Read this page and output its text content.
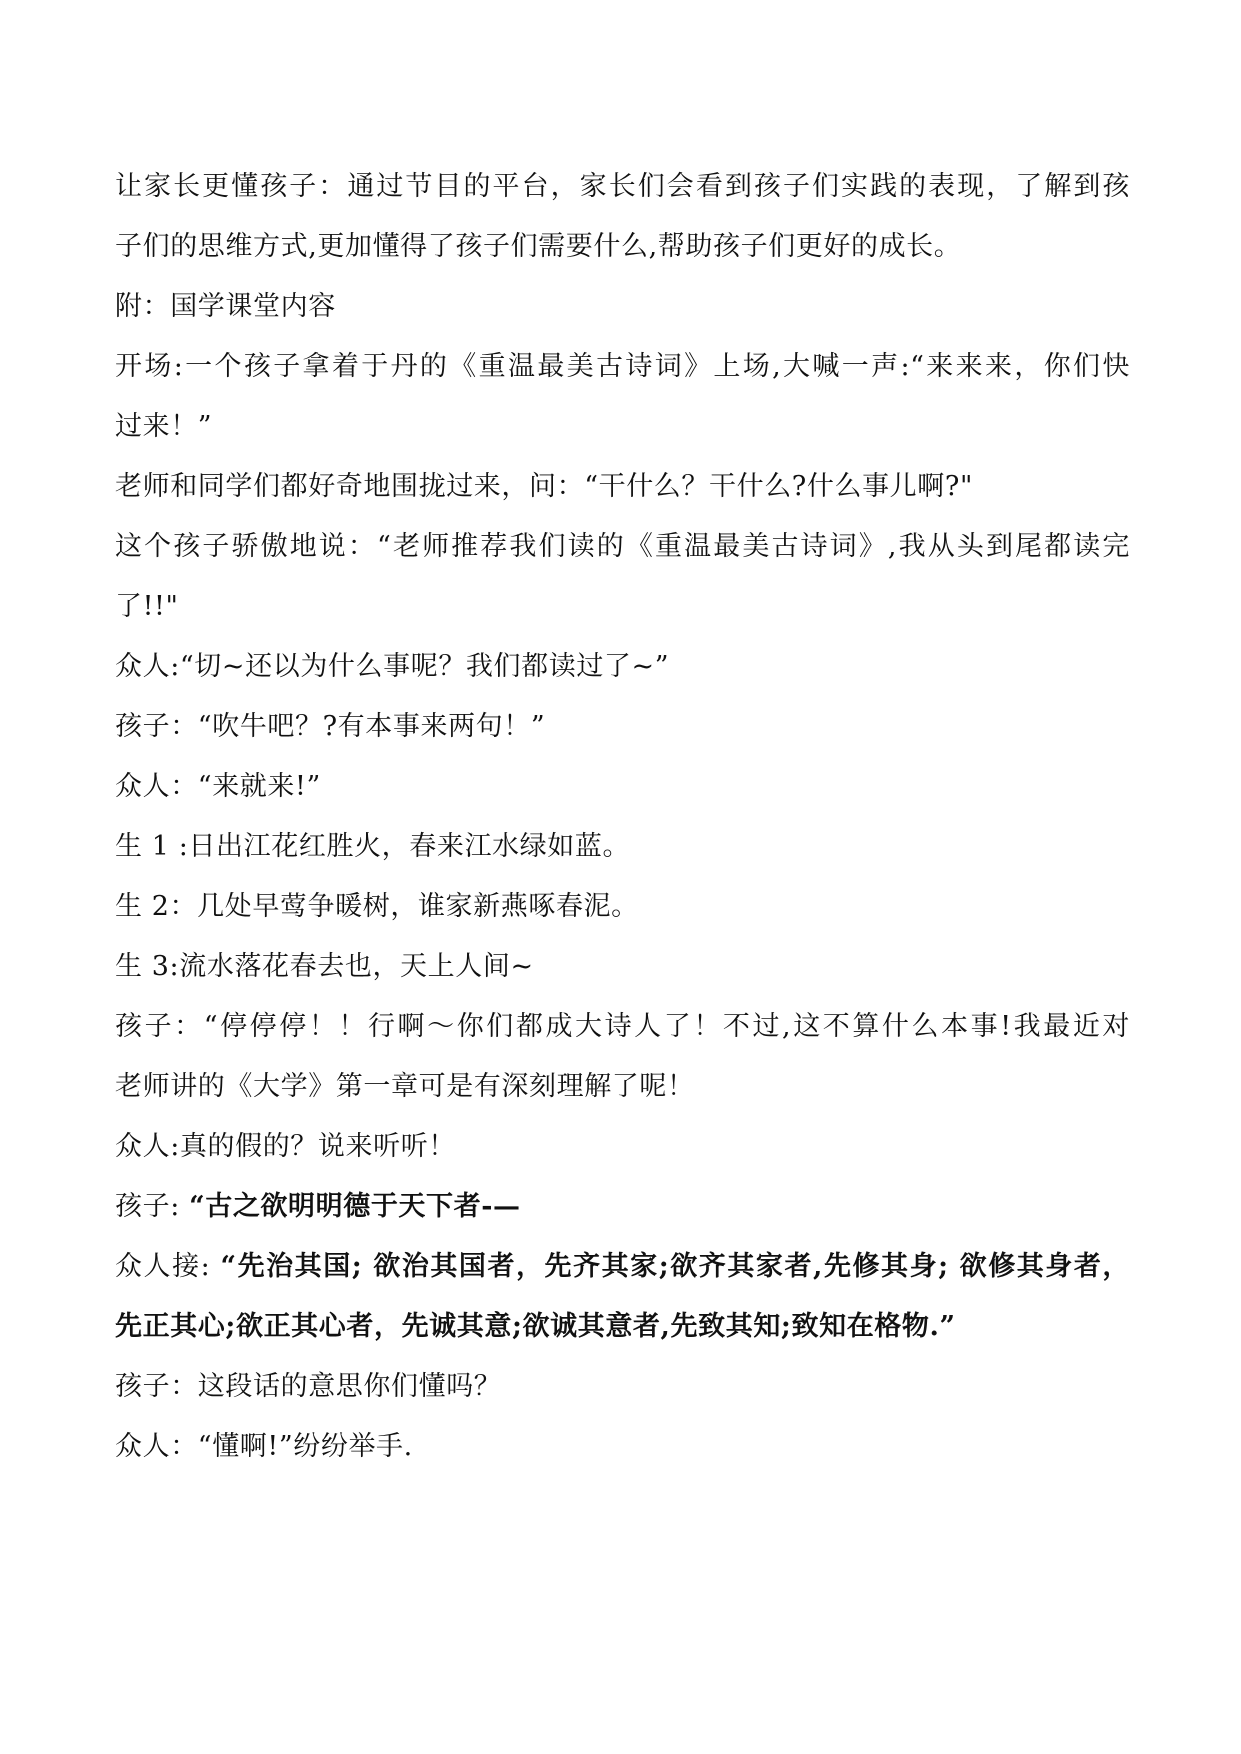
让家长更懂孩子：通过节目的平台，家长们会看到孩子们实践的表现，了解到孩
子们的思维方式,更加懂得了孩子们需要什么,帮助孩子们更好的成长。
附：国学课堂内容
开场:一个孩子拿着于丹的《重温最美古诗词》上场,大喊一声:“来来来，你们快
过来！”
老师和同学们都好奇地围拢过来，问：“干什么？干什么?什么事儿啊?"
这个孩子骄傲地说：“老师推荐我们读的《重温最美古诗词》,我从头到尾都读完
了!!"
众人:“切~还以为什么事呢？我们都读过了~”
孩子：“吹牛吧？?有本事来两句！”
众人：“来就来!”
生 1 :日出江花红胜火，春来江水绿如蓝。
生 2：几处早莺争暖树，谁家新燕啄春泥。
生 3:流水落花春去也，天上人间~
孩子：“停停停！！行啊～你们都成大诗人了！不过,这不算什么本事!我最近对
老师讲的《大学》第一章可是有深刻理解了呢！
众人:真的假的？说来听听！
孩子: “古之欲明明德于天下者-—
众人接: “先治其国; 欲治其国者，先齐其家;欲齐其家者,先修其身; 欲修其身者，
先正其心;欲正其心者，先诚其意;欲诚其意者,先致其知;致知在格物.”
孩子：这段话的意思你们懂吗？
众人：“懂啊!”纷纷举手.
